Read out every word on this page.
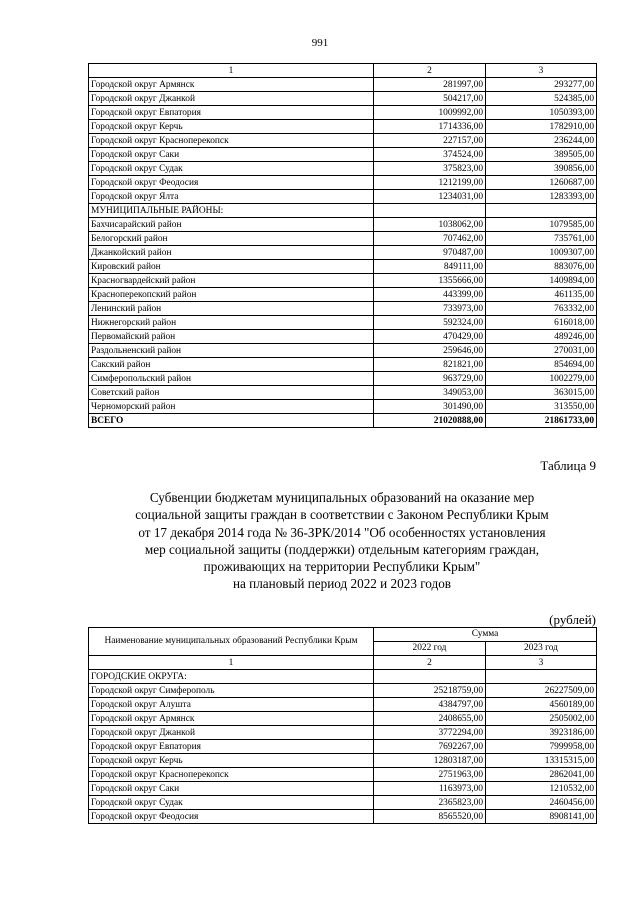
991
1	2	3
Городской округ Армянск	281997,00	293277,00
Городской округ Джанкой	504217,00	524385,00
Городской округ Евпатория	1009992,00	1050393,00
Городской округ Керчь	1714336,00	1782910,00
Городской округ Красноперекопск	227157,00	236244,00
Городской округ Саки	374524,00	389505,00
Городской округ Судак	375823,00	390856,00
Городской округ Феодосия	1212199,00	1260687,00
Городской округ Ялта	1234031,00	1283393,00
МУНИЦИПАЛЬНЫЕ РАЙОНЫ:		
Бахчисарайский район	1038062,00	1079585,00
Белогорский район	707462,00	735761,00
Джанкойский район	970487,00	1009307,00
Кировский район	849111,00	883076,00
Красногвардейский район	1355666,00	1409894,00
Красноперекопский район	443399,00	461135,00
Ленинский район	733973,00	763332,00
Нижнегорский район	592324,00	616018,00
Первомайский район	470429,00	489246,00
Раздольненский район	259646,00	270031,00
Сакский район	821821,00	854694,00
Симферопольский район	963729,00	1002279,00
Советский район	349053,00	363015,00
Черноморский район	301490,00	313550,00
ВСЕГО	21020888,00	21861733,00
Таблица 9
Субвенции бюджетам муниципальных образований на оказание мер
социальной защиты граждан в соответствии с Законом Республики Крым
от 17 декабря 2014 года № 36-ЗРК/2014 "Об особенностях установления
мер социальной защиты (поддержки) отдельным категориям граждан,
проживающих на территории Республики Крым"
на плановый период 2022 и 2023 годов
(рублей)
Наименование муниципальных образований Республики Крым	Сумма	
	2022 год	2023 год
1	2	3
ГОРОДСКИЕ ОКРУГА:		
Городской округ Симферополь	25218759,00	26227509,00
Городской округ Алушта	4384797,00	4560189,00
Городской округ Армянск	2408655,00	2505002,00
Городской округ Джанкой	3772294,00	3923186,00
Городской округ Евпатория	7692267,00	7999958,00
Городской округ Керчь	12803187,00	13315315,00
Городской округ Красноперекопск	2751963,00	2862041,00
Городской округ Саки	1163973,00	1210532,00
Городской округ Судак	2365823,00	2460456,00
Городской округ Феодосия	8565520,00	8908141,00
